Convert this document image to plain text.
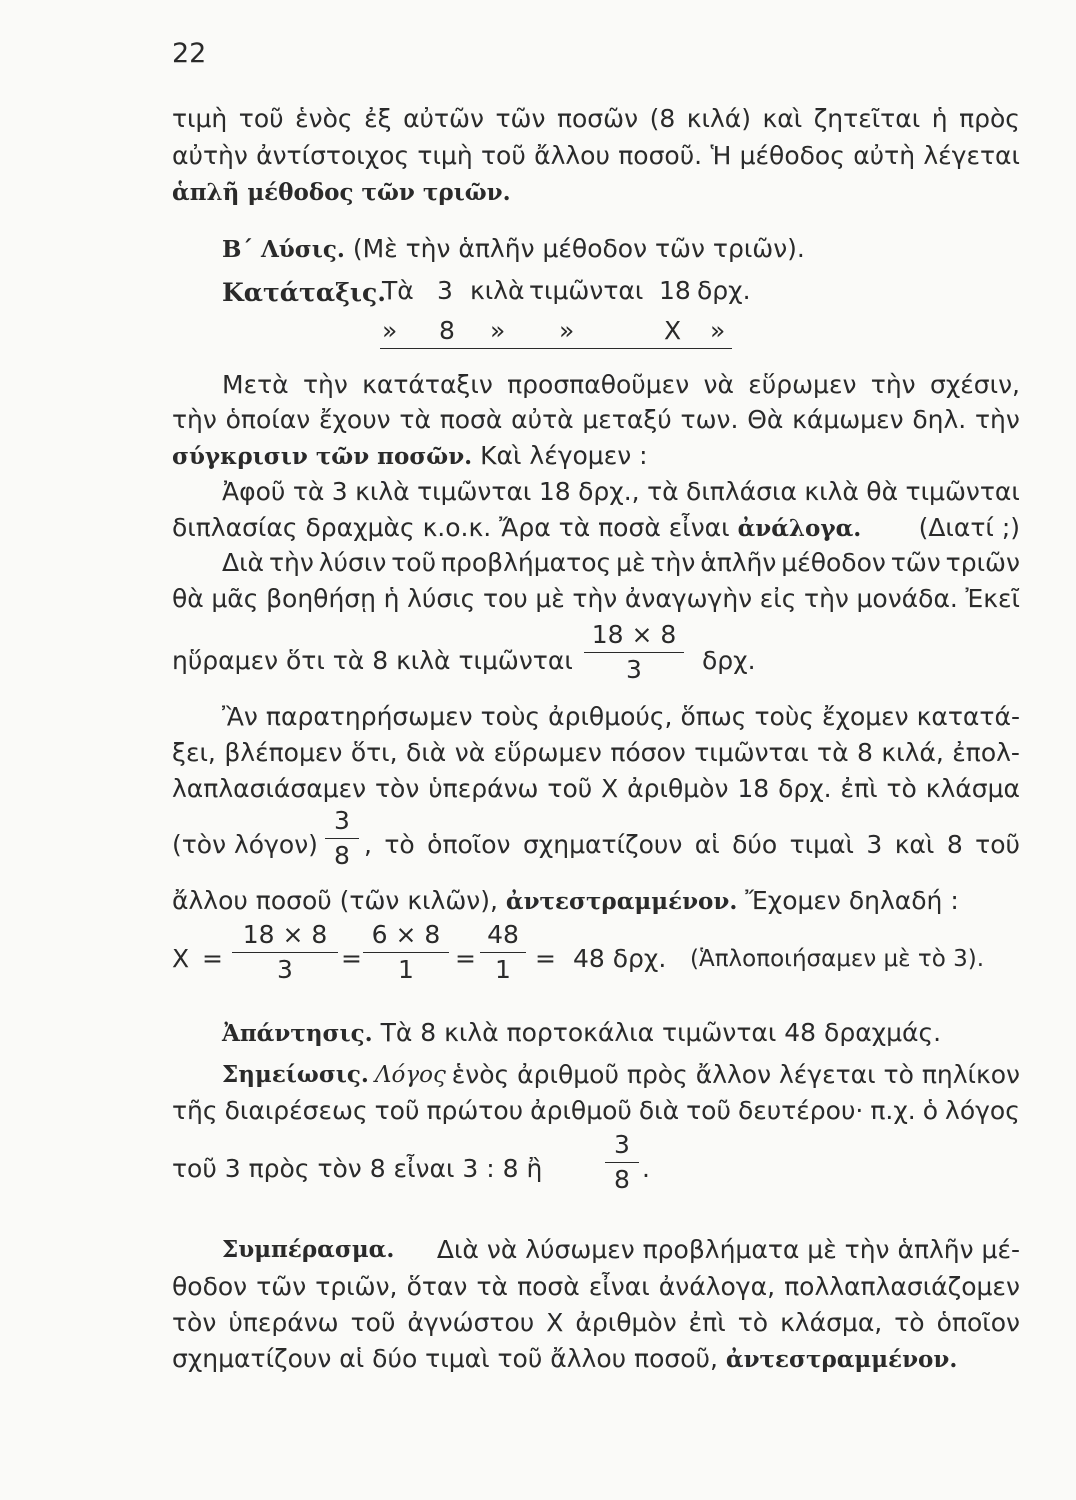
22
τιμὴ τοῦ ἑνὸς ἐξ αὐτῶν τῶν ποσῶν (8 κιλά) καὶ ζητεῖται ἡ πρὸς
αὐτὴν ἀντίστοιχος τιμὴ τοῦ ἄλλου ποσοῦ. Ἡ μέθοδος αὐτὴ λέγεται
ἁπλῆ μέθοδος τῶν τριῶν.
Β΄ Λύσις. (Μὲ τὴν ἁπλῆν μέθοδον τῶν τριῶν).
Κατάταξις.
Τὰ 3 κιλὰ τιμῶνται 18 δρχ.
» 8 » »	Χ »
Μετὰ τὴν κατάταξιν προσπαθοῦμεν νὰ εὕρωμεν τὴν σχέσιν,
τὴν ὁποίαν ἔχουν τὰ ποσὰ αὐτὰ μεταξύ των. Θὰ κάμωμεν δηλ. τὴν
σύγκρισιν τῶν ποσῶν. Καὶ λέγομεν :
Ἀφοῦ τὰ 3 κιλὰ τιμῶνται 18 δρχ., τὰ διπλάσια κιλὰ θὰ τιμῶνται
διπλασίας δραχμὰς κ.ο.κ. Ἄρα τὰ ποσὰ εἶναι ἀνάλογα. (Διατί ;)
Διὰ τὴν λύσιν τοῦ προβλήματος μὲ τὴν ἁπλῆν μέθοδον τῶν τριῶν
θὰ μᾶς βοηθήσῃ ἡ λύσις του μὲ τὴν ἀναγωγὴν εἰς τὴν μονάδα. Ἐκεῖ
ηὕραμεν ὅτι τὰ 8 κιλὰ τιμῶνται $\frac{18 \times 8}{3} \delta\rho\chi$.
Ἂν παρατηρήσωμεν τοὺς ἀριθμούς, ὅπως τοὺς ἔχομεν κατατά-
ξει, βλέπομεν ὅτι, διὰ νὰ εὕρωμεν πόσον τιμῶνται τὰ 8 κιλά, ἐπολ-
λαπλασιάσαμεν τὸν ὑπεράνω τοῦ Χ ἀριθμὸν 18 δρχ. ἐπὶ τὸ κλάσμα
(τὸν $\lambda ό\gamma o\nu) \frac{3}{8}$ , τὸ ὁποῖον σχηματίζουν αἱ δύο τιμαὶ 3 καὶ 8 τοῦ
ἄλλου ποσοῦ (τῶν κιλῶν), ἀντεστραμμένον. Ἔχομεν δηλαδή :
$X = \frac{18 \times 8}{3} = \frac{6 \times 8}{1} = \frac{48}{1} = 48$ δρχ. (Ἁπλοποιήσαμεν μὲ τὸ 3).
Ἀπάντησις. Τὰ 8 κιλὰ πορτοκάλια τιμῶνται 48 δραχμάς.
Σημείωσις. Λόγος ἑνὸς ἀριθμοῦ πρὸς ἄλλον λέγεται τὸ πηλίκον
τῆς διαιρέσεως τοῦ πρώτου ἀριθμοῦ διὰ τοῦ δευτέρου· π.χ. ὁ λόγος
τοῦ 3 πρὸς τὸν 8 εἶναι 3 : 8 ἢ	$\frac{3}{8}$ .
Συμπέρασμα. Διὰ νὰ λύσωμεν προβλήματα μὲ τὴν ἁπλῆν μέ-
θοδον τῶν τριῶν, ὅταν τὰ ποσὰ εἶναι ἀνάλογα, πολλαπλασιάζομεν
τὸν ὑπεράνω τοῦ ἀγνώστου Χ ἀριθμὸν ἐπὶ τὸ κλάσμα, τὸ ὁποῖον
σχηματίζουν αἱ δύο τιμαὶ τοῦ ἄλλου ποσοῦ, ἀντεστραμμένον.
